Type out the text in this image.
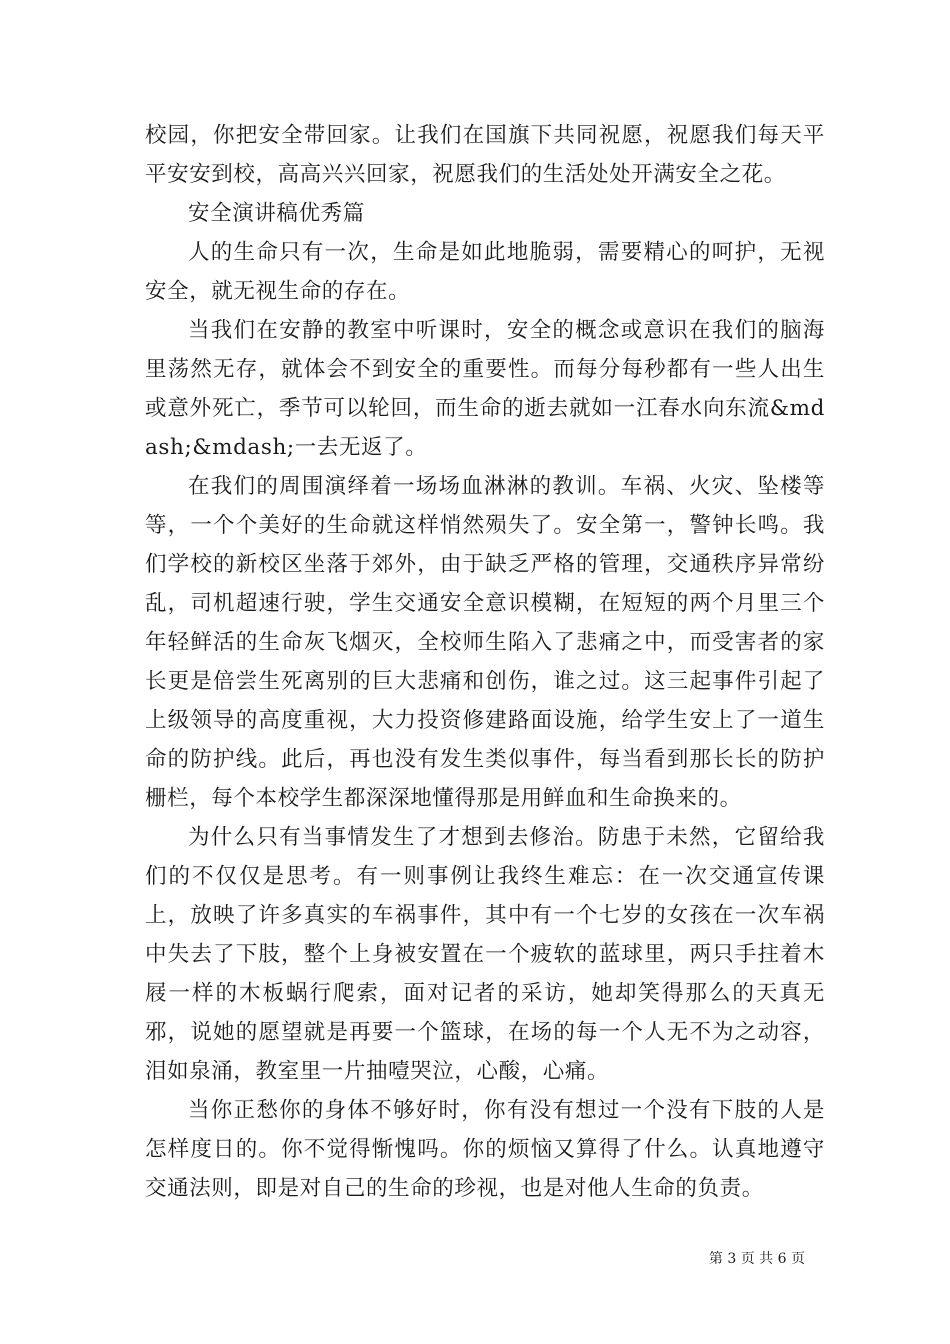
校园，你把安全带回家。让我们在国旗下共同祝愿，祝愿我们每天平平安安到校，高高兴兴回家，祝愿我们的生活处处开满安全之花。

安全演讲稿优秀篇

人的生命只有一次，生命是如此地脆弱，需要精心的呵护，无视安全，就无视生命的存在。

当我们在安静的教室中听课时，安全的概念或意识在我们的脑海里荡然无存，就体会不到安全的重要性。而每分每秒都有一些人出生或意外死亡，季节可以轮回，而生命的逝去就如一江春水向东流&mdash;&mdash;一去无返了。

在我们的周围演绎着一场场血淋淋的教训。车祸、火灾、坠楼等等，一个个美好的生命就这样悄然殒失了。安全第一，警钟长鸣。我们学校的新校区坐落于郊外，由于缺乏严格的管理，交通秩序异常纷乱，司机超速行驶，学生交通安全意识模糊，在短短的两个月里三个年轻鲜活的生命灰飞烟灭，全校师生陷入了悲痛之中，而受害者的家长更是倍尝生死离别的巨大悲痛和创伤，谁之过。这三起事件引起了上级领导的高度重视，大力投资修建路面设施，给学生安上了一道生命的防护线。此后，再也没有发生类似事件，每当看到那长长的防护栅栏，每个本校学生都深深地懂得那是用鲜血和生命换来的。

为什么只有当事情发生了才想到去修治。防患于未然，它留给我们的不仅仅是思考。有一则事例让我终生难忘：在一次交通宣传课上，放映了许多真实的车祸事件，其中有一个七岁的女孩在一次车祸中失去了下肢，整个上身被安置在一个疲软的蓝球里，两只手拄着木屐一样的木板蜗行爬索，面对记者的采访，她却笑得那么的天真无邪，说她的愿望就是再要一个篮球，在场的每一个人无不为之动容，泪如泉涌，教室里一片抽噎哭泣，心酸，心痛。

当你正愁你的身体不够好时，你有没有想过一个没有下肢的人是怎样度日的。你不觉得惭愧吗。你的烦恼又算得了什么。认真地遵守交通法则，即是对自己的生命的珍视，也是对他人生命的负责。

第 3 页 共 6 页
